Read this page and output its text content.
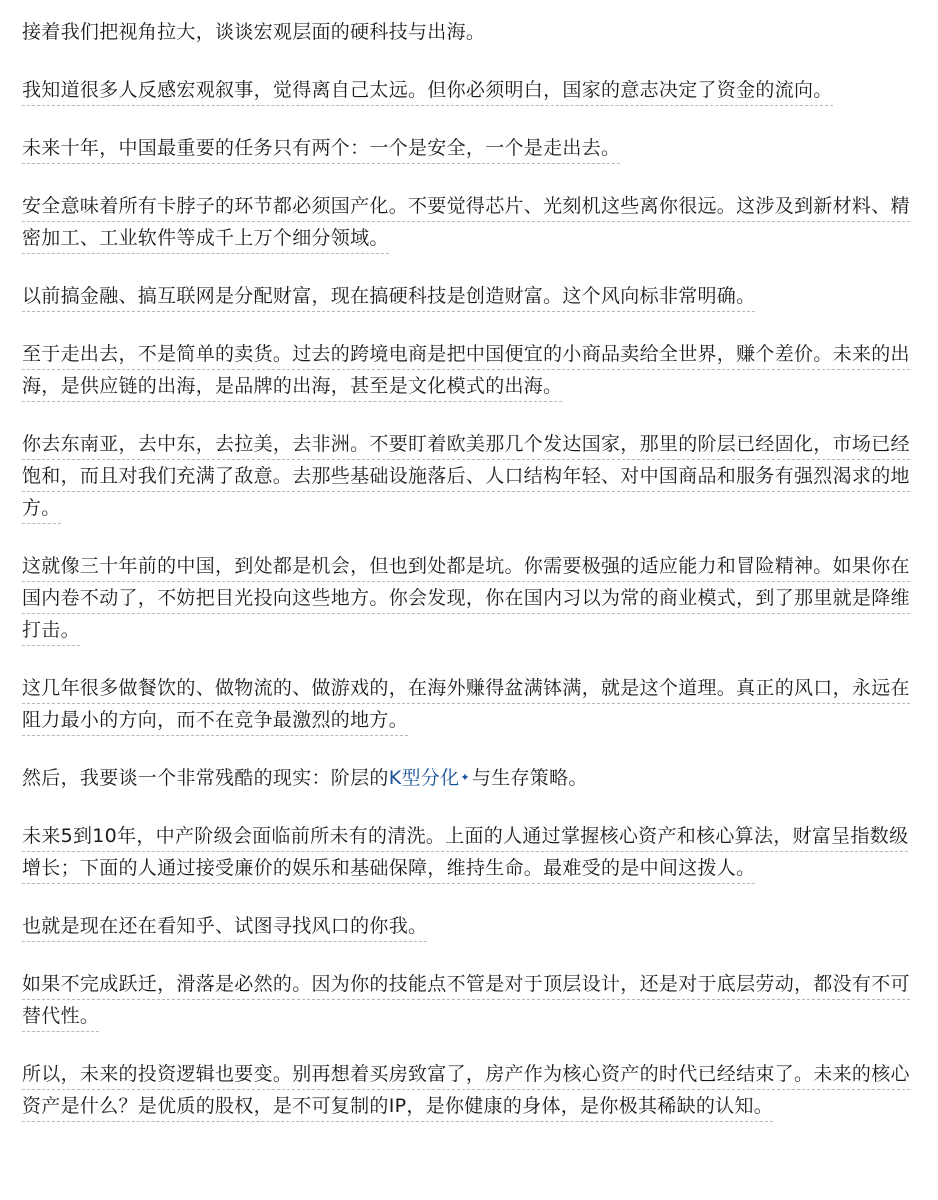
接着我们把视角拉大，谈谈宏观层面的硬科技与出海。

我知道很多人反感宏观叙事，觉得离自己太远。但你必须明白，国家的意志决定了资金的流向。

未来十年，中国最重要的任务只有两个：一个是安全，一个是走出去。

安全意味着所有卡脖子的环节都必须国产化。不要觉得芯片、光刻机这些离你很远。这涉及到新材料、精密加工、工业软件等成千上万个细分领域。

以前搞金融、搞互联网是分配财富，现在搞硬科技是创造财富。这个风向标非常明确。

至于走出去，不是简单的卖货。过去的跨境电商是把中国便宜的小商品卖给全世界，赚个差价。未来的出海，是供应链的出海，是品牌的出海，甚至是文化模式的出海。

你去东南亚，去中东，去拉美，去非洲。不要盯着欧美那几个发达国家，那里的阶层已经固化，市场已经饱和，而且对我们充满了敌意。去那些基础设施落后、人口结构年轻、对中国商品和服务有强烈渴求的地方。

这就像三十年前的中国，到处都是机会，但也到处都是坑。你需要极强的适应能力和冒险精神。如果你在国内卷不动了，不妨把目光投向这些地方。你会发现，你在国内习以为常的商业模式，到了那里就是降维打击。

这几年很多做餐饮的、做物流的、做游戏的，在海外赚得盆满钵满，就是这个道理。真正的风口，永远在阻力最小的方向，而不在竞争最激烈的地方。

然后，我要谈一个非常残酷的现实：阶层的K型分化✦ 与生存策略。

未来5到10年，中产阶级会面临前所未有的清洗。上面的人通过掌握核心资产和核心算法，财富呈指数级增长；下面的人通过接受廉价的娱乐和基础保障，维持生命。最难受的是中间这拨人。

也就是现在还在看知乎、试图寻找风口的你我。

如果不完成跃迁，滑落是必然的。因为你的技能点不管是对于顶层设计，还是对于底层劳动，都没有不可替代性。

所以，未来的投资逻辑也要变。别再想着买房致富了，房产作为核心资产的时代已经结束了。未来的核心资产是什么？是优质的股权，是不可复制的IP，是你健康的身体，是你极其稀缺的认知。
